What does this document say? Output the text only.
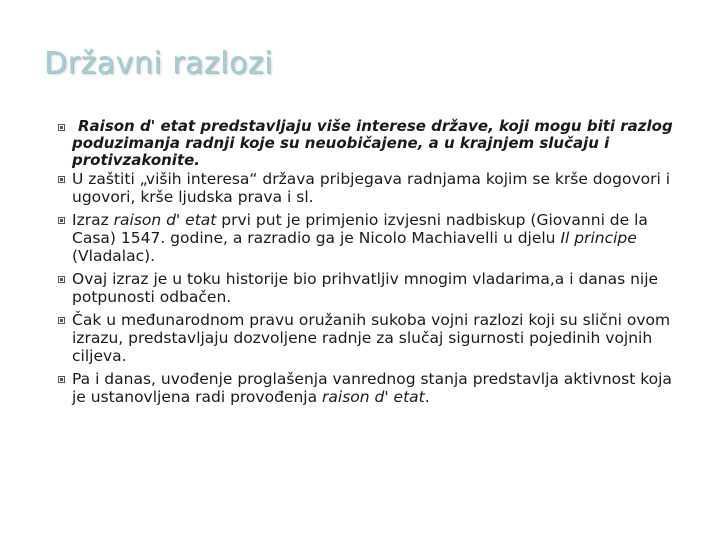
Državni razlozi
Raison d' etat predstavljaju više interese države, koji mogu biti razlog poduzimanja radnji koje su neuobičajene, a u krajnjem slučaju i protivzakonite.
U zaštiti „viših interesa“ država pribjegava radnjama kojim se krše dogovori i ugovori, krše ljudska prava i sl.
Izraz raison d' etat prvi put je primjenio izvjesni nadbiskup (Giovanni de la Casa) 1547. godine, a razradio ga je Nicolo Machiavelli u djelu Il principe (Vladalac).
Ovaj izraz je u toku historije bio prihvatljiv mnogim vladarima,a i danas nije potpunosti odbačen.
Čak u međunarodnom pravu oružanih sukoba vojni razlozi koji su slični ovom izrazu, predstavljaju dozvoljene radnje za slučaj sigurnosti pojedinih vojnih ciljeva.
Pa i danas, uvođenje proglašenja vanrednog stanja predstavlja aktivnost koja je ustanovljena radi provođenja raison d' etat.
